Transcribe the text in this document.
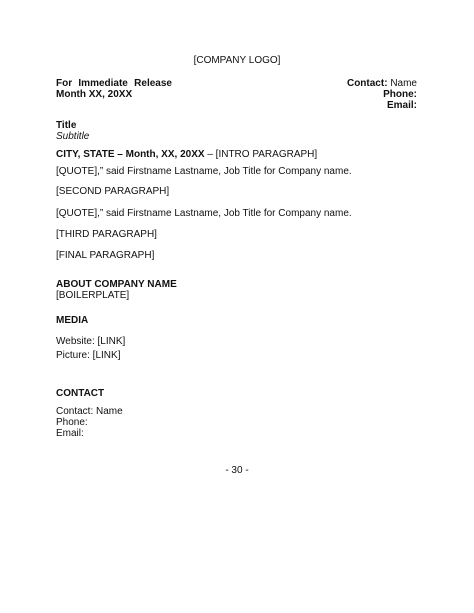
[COMPANY LOGO]
For Immediate Release
Month XX, 20XX
Contact: Name
Phone:
Email:
Title
Subtitle
CITY, STATE – Month, XX, 20XX – [INTRO PARAGRAPH]
[QUOTE],” said Firstname Lastname, Job Title for Company name.
[SECOND PARAGRAPH]
[QUOTE],” said Firstname Lastname, Job Title for Company name.
[THIRD PARAGRAPH]
[FINAL PARAGRAPH]
ABOUT COMPANY NAME
[BOILERPLATE]
MEDIA
Website: [LINK]
Picture: [LINK]
CONTACT
Contact: Name
Phone:
Email:
- 30 -
